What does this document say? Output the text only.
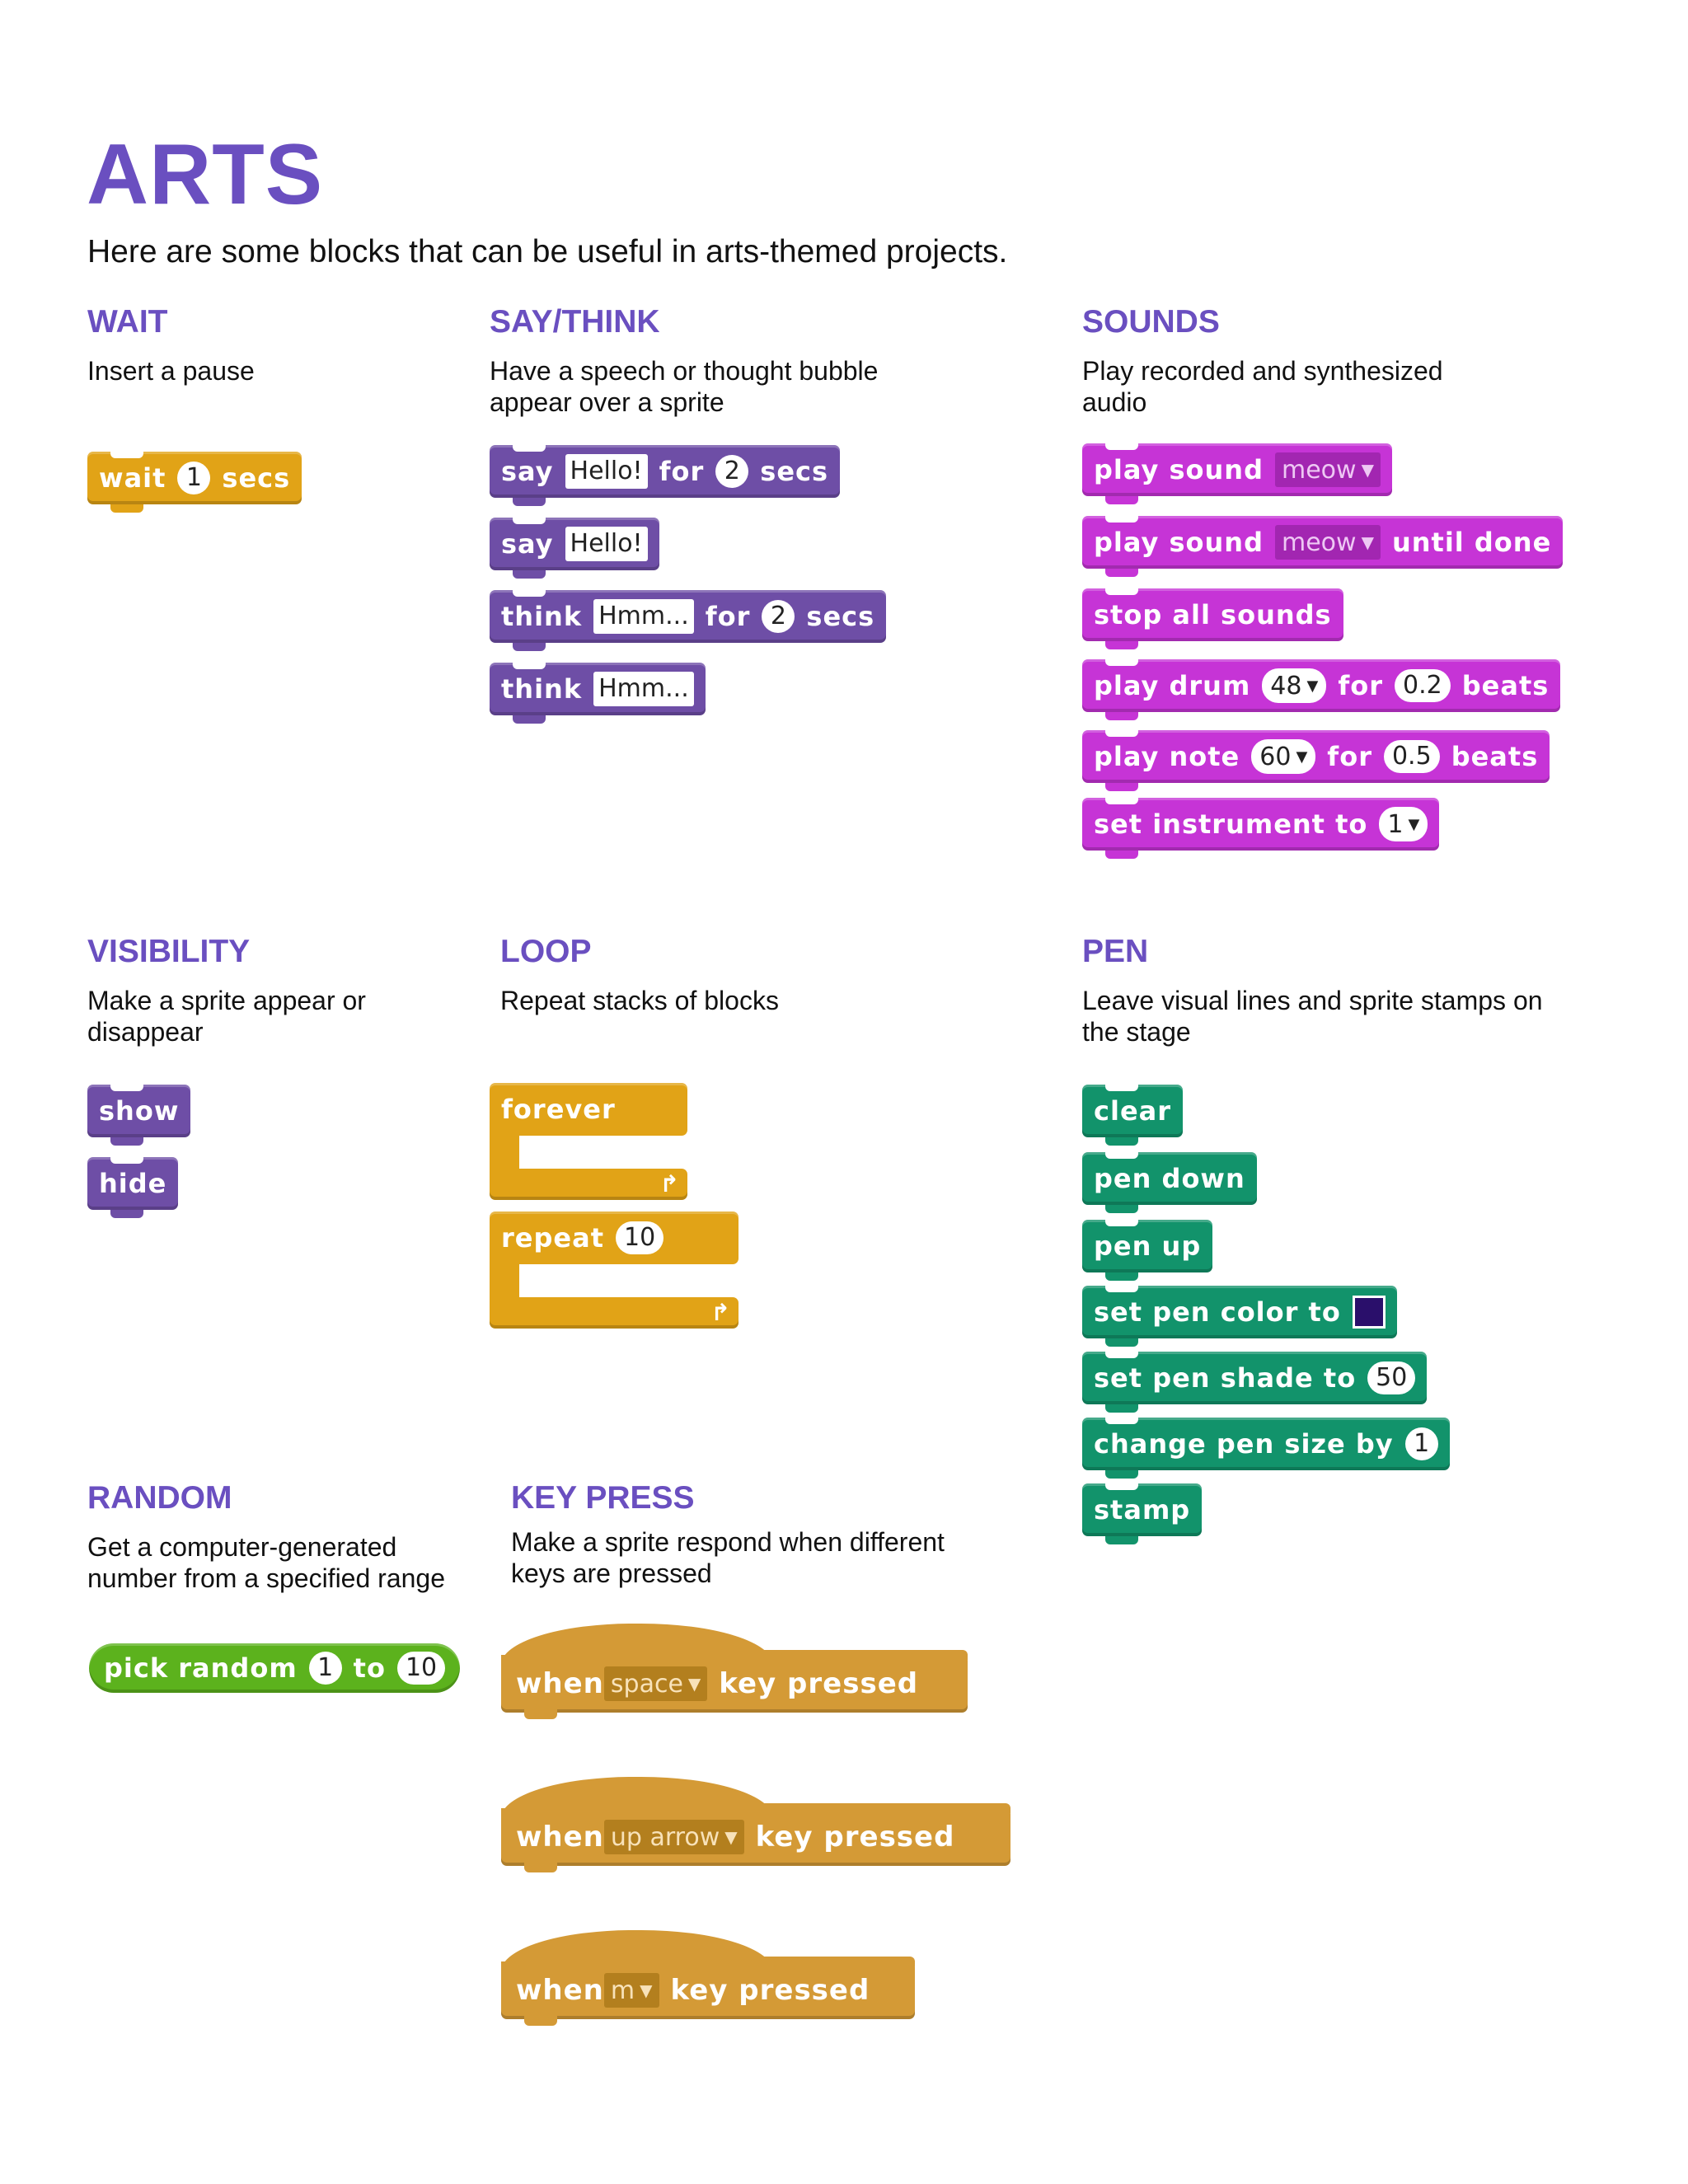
ARTS
Here are some blocks that can be useful in arts-themed projects.
WAIT
Insert a pause
wait 1 secs
SAY/THINK
Have a speech or thought bubble
appear over a sprite
say Hello! for 2 secs
say Hello!
think Hmm... for 2 secs
think Hmm...
SOUNDS
Play recorded and synthesized
audio
play sound meow ▼
play sound meow ▼ until done
stop all sounds
play drum 48 ▼ for 0.2 beats
play note 60 ▼ for 0.5 beats
set instrument to 1 ▼
VISIBILITY
Make a sprite appear or
disappear
show
hide
LOOP
Repeat stacks of blocks
forever
↱
repeat 10
↱
PEN
Leave visual lines and sprite stamps on
the stage
clear
pen down
pen up
set pen color to
set pen shade to 50
change pen size by 1
stamp
RANDOM
Get a computer-generated
number from a specified range
pick random 1 to 10
KEY PRESS
Make a sprite respond when different
keys are pressed
when space ▼ key pressed
when up arrow ▼ key pressed
when m ▼ key pressed
